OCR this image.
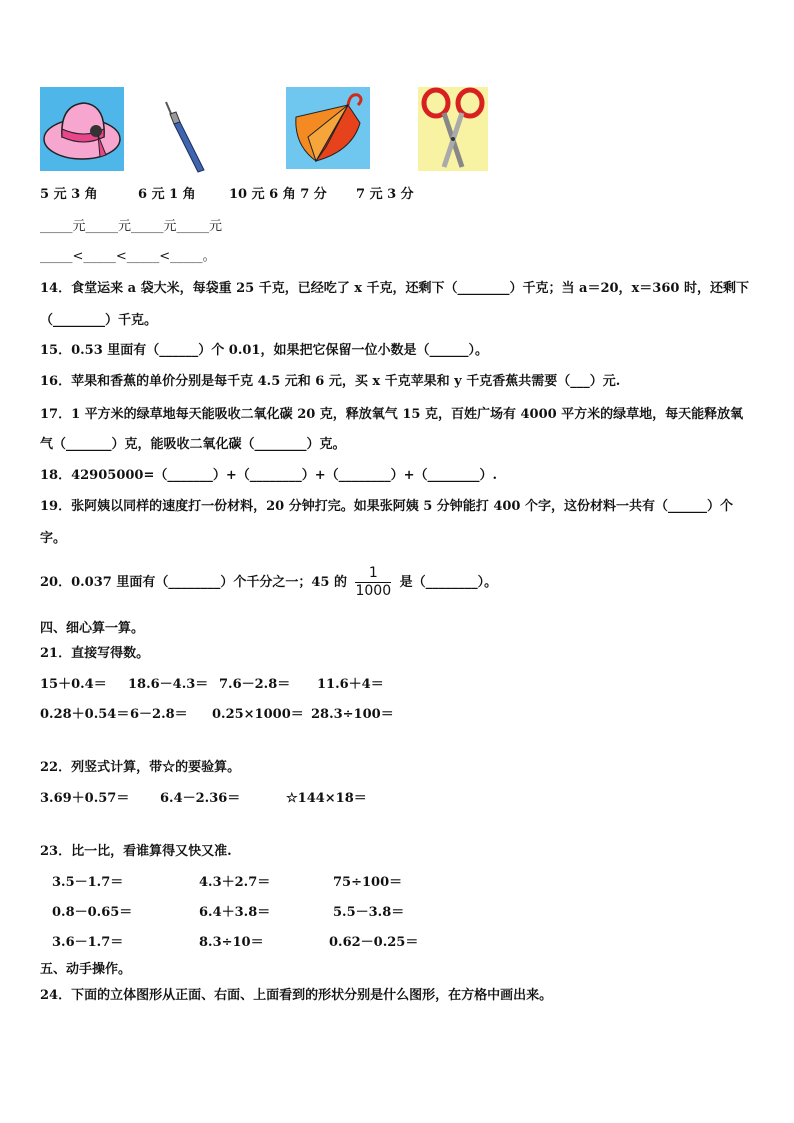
5 元 3 角	6 元 1 角	10 元 6 角 7 分 7 元 3 分
_____元_____元_____元_____元
_____<_____<_____<_____。
14．食堂运来 a 袋大米，每袋重 25 千克，已经吃了 x 千克，还剩下（________）千克；当 a＝20，x＝360 时，还剩下
（________）千克。
15．0.53 里面有（______）个 0.01，如果把它保留一位小数是（______）。
16．苹果和香蕉的单价分别是每千克 4.5 元和 6 元，买 x 千克苹果和 y 千克香蕉共需要（___）元.
17．1 平方米的绿草地每天能吸收二氧化碳 20 克，释放氧气 15 克，百姓广场有 4000 平方米的绿草地，每天能释放氧
气（_______）克，能吸收二氧化碳（________）克。
18．42905000=（_______）+（________）+（________）+（________）.
19．张阿姨以同样的速度打一份材料，20 分钟打完。如果张阿姨 5 分钟能打 400 个字，这份材料一共有（______）个
字。
20．0.037 里面有（________）个千分之一；45 的 $\frac{1}{1000}$ 是（________）。
四、细心算一算。
21．直接写得数。
15＋0.4＝ 18.6－4.3＝ 7.6－2.8＝ 11.6＋4＝
0.28＋0.54＝ 6－2.8＝ 0.25×1000＝ 28.3÷100＝
22．列竖式计算，带☆的要验算。
3.69＋0.57＝ 6.4－2.36＝	☆144×18＝
23．比一比，看谁算得又快又准.
3.5－1.7＝	4.3＋2.7＝	75÷100＝
0.8－0.65＝	6.4＋3.8＝	5.5－3.8＝
3.6－1.7＝	8.3÷10＝	0.62－0.25＝
五、动手操作。
24．下面的立体图形从正面、右面、上面看到的形状分别是什么图形，在方格中画出来。
